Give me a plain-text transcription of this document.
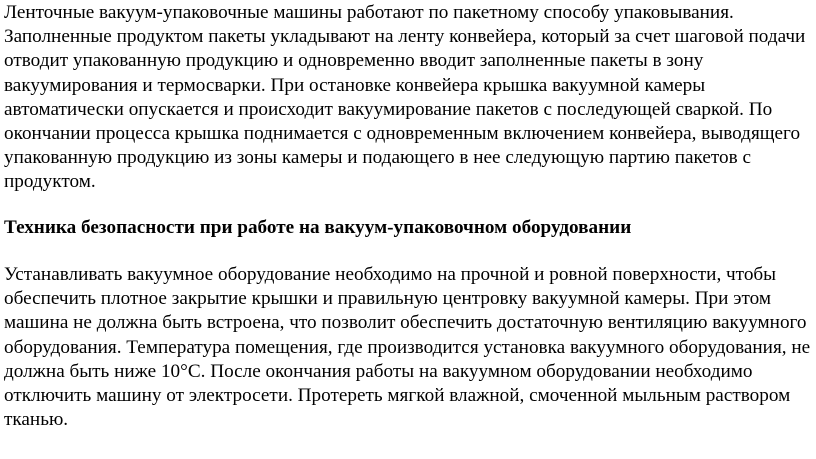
Ленточные вакуум-упаковочные машины работают по пакетному способу упаковывания. Заполненные продуктом пакеты укладывают на ленту конвейера, который за счет шаговой подачи отводит упакованную продукцию и одновременно вводит заполненные пакеты в зону вакуумирования и термосварки. При остановке конвейера крышка вакуумной камеры автоматически опускается и происходит вакуумирование пакетов с последующей сваркой. По окончании процесса крышка поднимается с одновременным включением конвейера, выводящего упакованную продукцию из зоны камеры и подающего в нее следующую партию пакетов с продуктом.

Техника безопасности при работе на вакуум-упаковочном оборудовании

Устанавливать вакуумное оборудование необходимо на прочной и ровной поверхности, чтобы обеспечить плотное закрытие крышки и правильную центровку вакуумной камеры. При этом машина не должна быть встроена, что позволит обеспечить достаточную вентиляцию вакуумного оборудования. Температура помещения, где производится установка вакуумного оборудования, не должна быть ниже 10°С. После окончания работы на вакуумном оборудовании необходимо отключить машину от электросети. Протереть мягкой влажной, смоченной мыльным раствором тканью.
